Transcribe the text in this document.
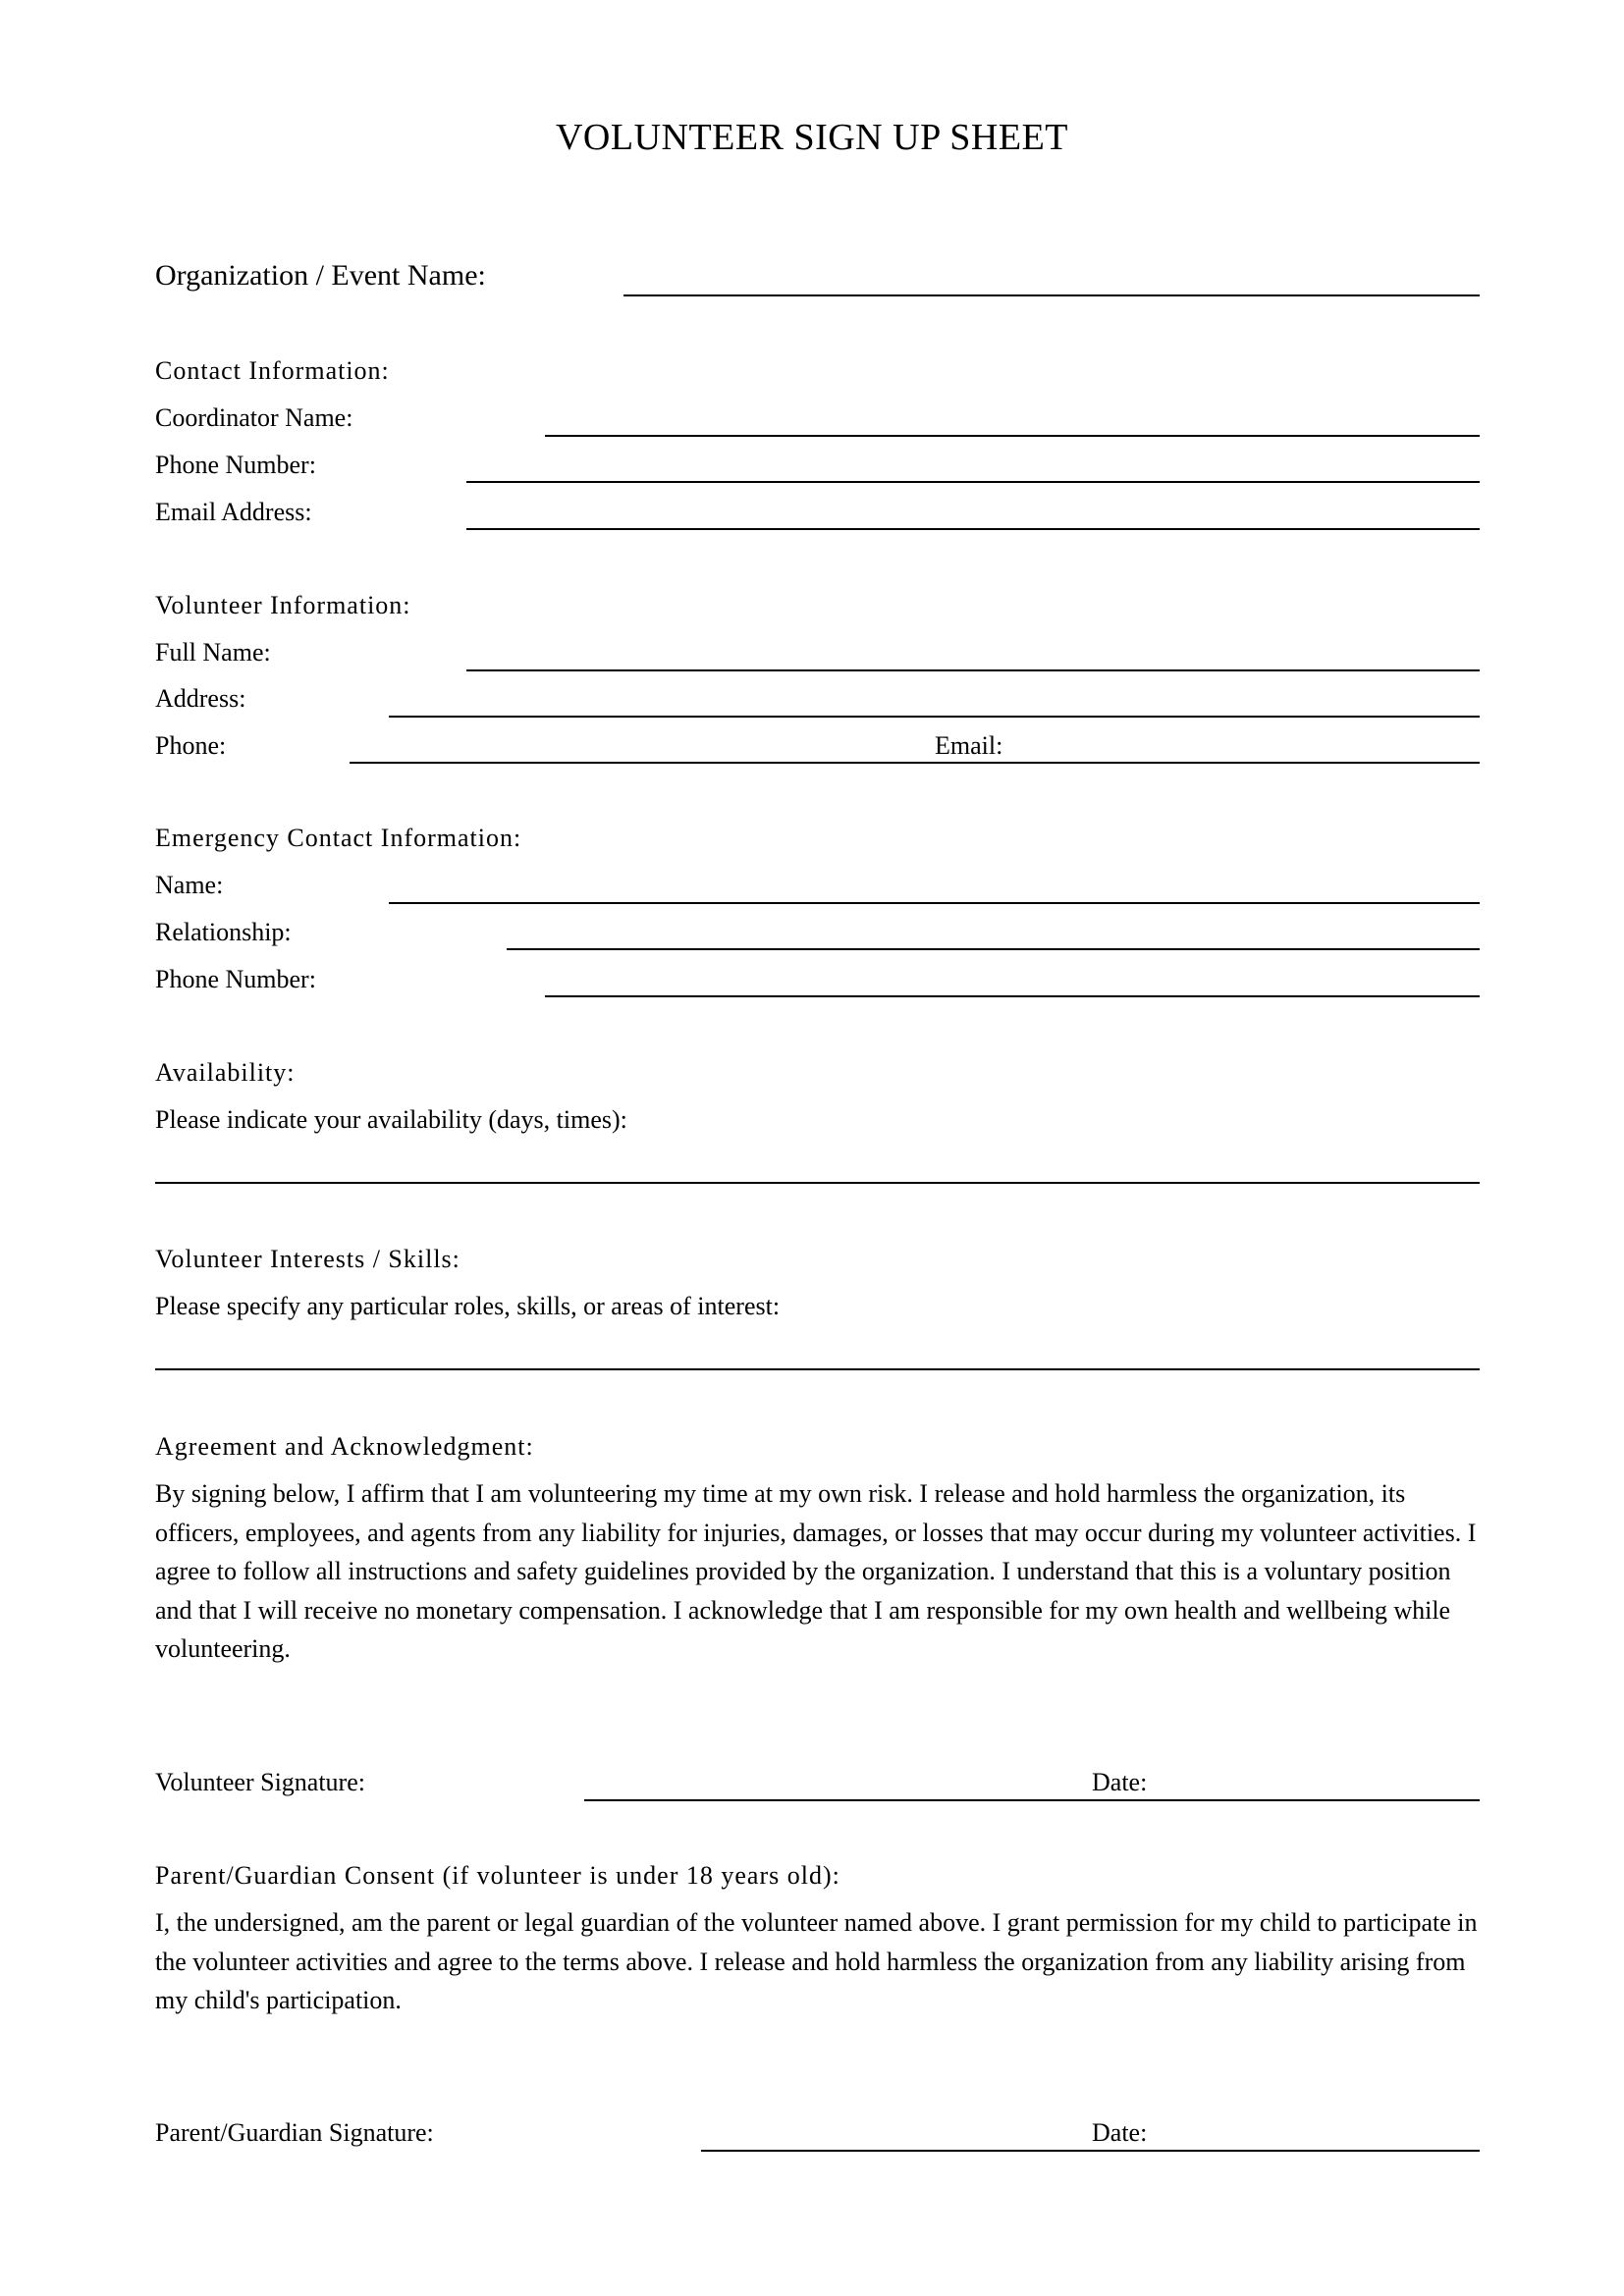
VOLUNTEER SIGN UP SHEET
Organization / Event Name:
Contact Information:
Coordinator Name:
Phone Number:
Email Address:
Volunteer Information:
Full Name:
Address:
Phone:	Email:
Emergency Contact Information:
Name:
Relationship:
Phone Number:
Availability:
Please indicate your availability (days, times):
Volunteer Interests / Skills:
Please specify any particular roles, skills, or areas of interest:
Agreement and Acknowledgment:
By signing below, I affirm that I am volunteering my time at my own risk. I release and hold harmless the organization, its officers, employees, and agents from any liability for injuries, damages, or losses that may occur during my volunteer activities. I agree to follow all instructions and safety guidelines provided by the organization. I understand that this is a voluntary position and that I will receive no monetary compensation. I acknowledge that I am responsible for my own health and wellbeing while volunteering.
Volunteer Signature:	Date:
Parent/Guardian Consent (if volunteer is under 18 years old):
I, the undersigned, am the parent or legal guardian of the volunteer named above. I grant permission for my child to participate in the volunteer activities and agree to the terms above. I release and hold harmless the organization from any liability arising from my child's participation.
Parent/Guardian Signature:	Date:
